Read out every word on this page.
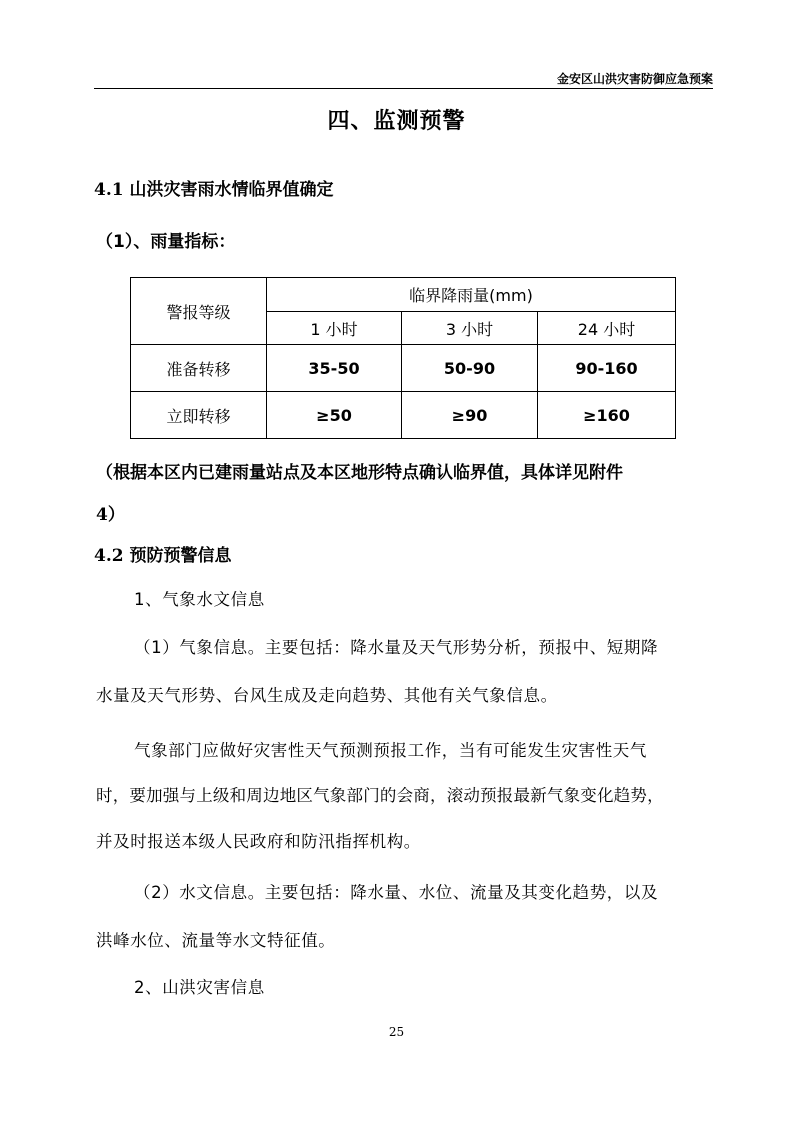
金安区山洪灾害防御应急预案
四、监测预警
4.1 山洪灾害雨水情临界值确定
（1）、雨量指标：
警报等级	临界降雨量(mm)		
	1 小时	3 小时	24 小时
准备转移	35-50	50-90	90-160
立即转移	≥50	≥90	≥160
（根据本区内已建雨量站点及本区地形特点确认临界值，具体详见附件
4）
4.2 预防预警信息
1、气象水文信息
（1）气象信息。主要包括：降水量及天气形势分析，预报中、短期降
水量及天气形势、台风生成及走向趋势、其他有关气象信息。
气象部门应做好灾害性天气预测预报工作，当有可能发生灾害性天气
时，要加强与上级和周边地区气象部门的会商，滚动预报最新气象变化趋势，
并及时报送本级人民政府和防汛指挥机构。
（2）水文信息。主要包括：降水量、水位、流量及其变化趋势，以及
洪峰水位、流量等水文特征值。
2、山洪灾害信息
25
